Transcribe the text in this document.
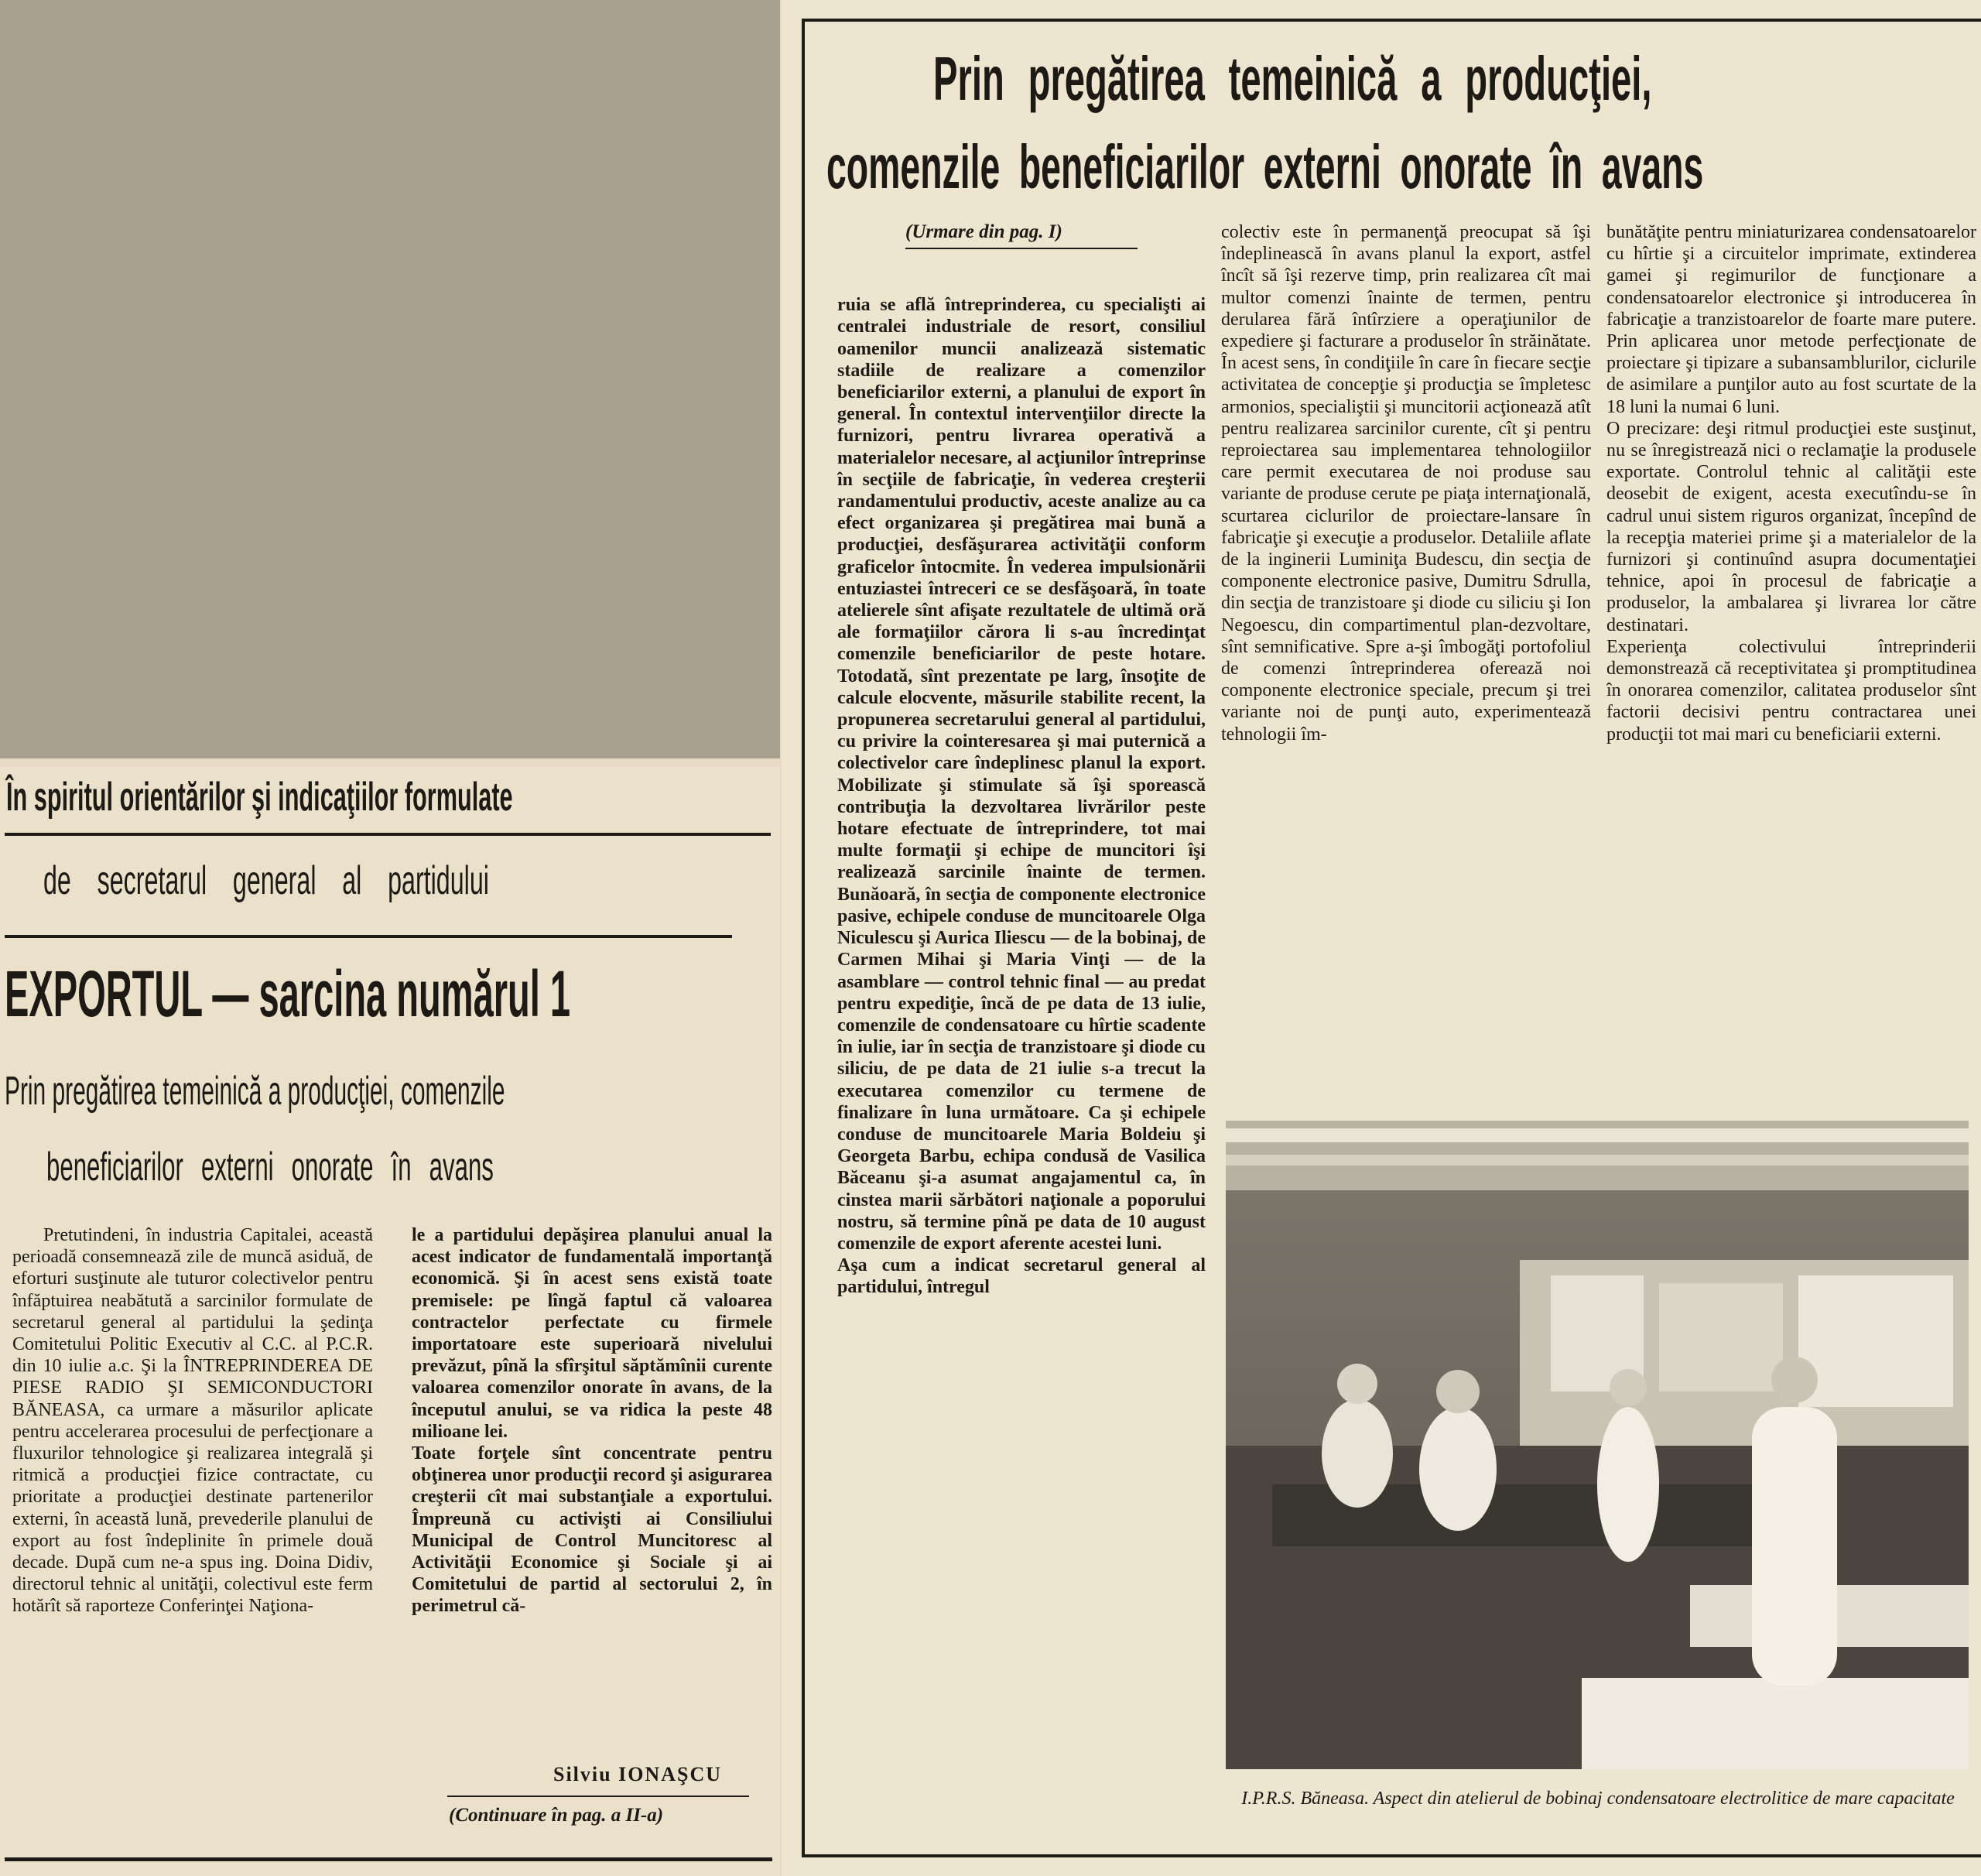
În spiritul orientărilor şi indicaţiilor formulate
de secretarul general al partidului
EXPORTUL — sarcina numărul 1
Prin pregătirea temeinică a producţiei, comenzile
beneficiarilor externi onorate în avans

Pretutindeni, în industria Capitalei, această perioadă consemnează zile de muncă asiduă, de eforturi susţinute ale tuturor colectivelor pentru înfăptuirea neabătută a sarcinilor formulate de secretarul general al partidului la şedinţa Comitetului Politic Executiv al C.C. al P.C.R. din 10 iulie a.c. Şi la ÎNTREPRINDEREA DE PIESE RADIO ŞI SEMICONDUCTORI BĂNEASA, ca urmare a măsurilor aplicate pentru accelerarea procesului de perfecţionare a fluxurilor tehnologice şi realizarea integrală şi ritmică a producţiei fizice contractate, cu prioritate a producţiei destinate partenerilor externi, în această lună, prevederile planului de export au fost îndeplinite în primele două decade. După cum ne-a spus ing. Doina Didiv, directorul tehnic al unităţii, colectivul este ferm hotărît să raporteze Conferinţei Naţiona-

le a partidului depăşirea planului anual la acest indicator de fundamentală importanţă economică. Şi în acest sens există toate premisele: pe lîngă faptul că valoarea contractelor perfectate cu firmele importatoare este superioară nivelului prevăzut, pînă la sfîrşitul săptămînii curente valoarea comenzilor onorate în avans, de la începutul anului, se va ridica la peste 48 milioane lei.
Toate forţele sînt concentrate pentru obţinerea unor producţii record şi asigurarea creşterii cît mai substanţiale a exportului. Împreună cu activişti ai Consiliului Municipal de Control Muncitoresc al Activităţii Economice şi Sociale şi ai Comitetului de partid al sectorului 2, în perimetrul că-

Silviu IONAŞCU
(Continuare în pag. a II-a)
Prin pregătirea temeinică a producţiei,
comenzile beneficiarilor externi onorate în avans
(Urmare din pag. I)

ruia se află întreprinderea, cu specialişti ai centralei industriale de resort, consiliul oamenilor muncii analizează sistematic stadiile de realizare a comenzilor beneficiarilor externi, a planului de export în general. În contextul intervenţiilor directe la furnizori, pentru livrarea operativă a materialelor necesare, al acţiunilor întreprinse în secţiile de fabricaţie, în vederea creşterii randamentului productiv, aceste analize au ca efect organizarea şi pregătirea mai bună a producţiei, desfăşurarea activităţii conform graficelor întocmite. În vederea impulsionării entuziastei întreceri ce se desfăşoară, în toate atelierele sînt afişate rezultatele de ultimă oră ale formaţiilor cărora li s-au încredinţat comenzile beneficiarilor de peste hotare. Totodată, sînt prezentate pe larg, însoţite de calcule elocvente, măsurile stabilite recent, la propunerea secretarului general al partidului, cu privire la cointeresarea şi mai puternică a colectivelor care îndeplinesc planul la export. Mobilizate şi stimulate să îşi sporească contribuţia la dezvoltarea livrărilor peste hotare efectuate de întreprindere, tot mai multe formaţii şi echipe de muncitori îşi realizează sarcinile înainte de termen. Bunăoară, în secţia de componente electronice pasive, echipele conduse de muncitoarele Olga Niculescu şi Aurica Iliescu — de la bobinaj, de Carmen Mihai şi Maria Vinţi — de la asamblare — control tehnic final — au predat pentru expediţie, încă de pe data de 13 iulie, comenzile de condensatoare cu hîrtie scadente în iulie, iar în secţia de tranzistoare şi diode cu siliciu, de pe data de 21 iulie s-a trecut la executarea comenzilor cu termene de finalizare în luna următoare. Ca şi echipele conduse de muncitoarele Maria Boldeiu şi Georgeta Barbu, echipa condusă de Vasilica Băceanu şi-a asumat angajamentul ca, în cinstea marii sărbători naţionale a poporului nostru, să termine pînă pe data de 10 august comenzile de export aferente acestei luni.
Aşa cum a indicat secretarul general al partidului, întregul

colectiv este în permanenţă preocupat să îşi îndeplinească în avans planul la export, astfel încît să îşi rezerve timp, prin realizarea cît mai multor comenzi înainte de termen, pentru derularea fără întîrziere a operaţiunilor de expediere şi facturare a produselor în străinătate. În acest sens, în condiţiile în care în fiecare secţie activitatea de concepţie şi producţia se împletesc armonios, specialiştii şi muncitorii acţionează atît pentru realizarea sarcinilor curente, cît şi pentru reproiectarea sau implementarea tehnologiilor care permit executarea de noi produse sau variante de produse cerute pe piaţa internaţională, scurtarea ciclurilor de proiectare-lansare în fabricaţie şi execuţie a produselor. Detaliile aflate de la inginerii Luminiţa Budescu, din secţia de componente electronice pasive, Dumitru Sdrulla, din secţia de tranzistoare şi diode cu siliciu şi Ion Negoescu, din compartimentul plan-dezvoltare, sînt semnificative. Spre a-şi îmbogăţi portofoliul de comenzi întreprinderea oferează noi componente electronice speciale, precum şi trei variante noi de punţi auto, experimentează tehnologii îm-

bunătăţite pentru miniaturizarea condensatoarelor cu hîrtie şi a circuitelor imprimate, extinderea gamei şi regimurilor de funcţionare a condensatoarelor electronice şi introducerea în fabricaţie a tranzistoarelor de foarte mare putere. Prin aplicarea unor metode perfecţionate de proiectare şi tipizare a subansamblurilor, ciclurile de asimilare a punţilor auto au fost scurtate de la 18 luni la numai 6 luni.
O precizare: deşi ritmul producţiei este susţinut, nu se înregistrează nici o reclamaţie la produsele exportate. Controlul tehnic al calităţii este deosebit de exigent, acesta executîndu-se în cadrul unui sistem riguros organizat, începînd de la recepţia materiei prime şi a materialelor de la furnizori şi continuînd asupra documentaţiei tehnice, apoi în procesul de fabricaţie a produselor, la ambalarea şi livrarea lor către destinatari.
Experienţa colectivului întreprinderii demonstrează că receptivitatea şi promptitudinea în onorarea comenzilor, calitatea produselor sînt factorii decisivi pentru contractarea unei producţii tot mai mari cu beneficiarii externi.

I.P.R.S. Băneasa. Aspect din atelierul de bobinaj condensatoare electrolitice de mare capacitate
